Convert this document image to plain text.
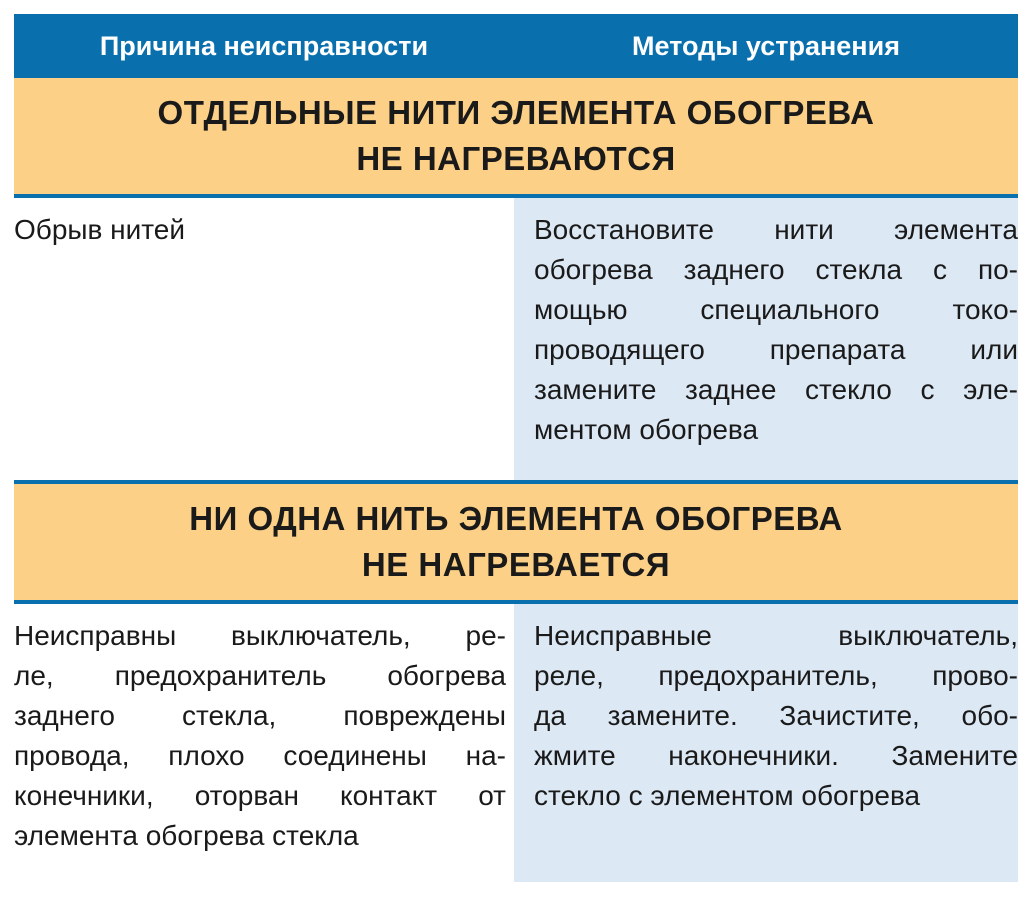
Причина неисправности	Методы устранения
ОТДЕЛЬНЫЕ НИТИ ЭЛЕМЕНТА ОБОГРЕВА
НЕ НАГРЕВАЮТСЯ
Обрыв нитей	Восстановите нити элемента
обогрева заднего стекла с по-
мощью специального токо-
проводящего препарата или
замените заднее стекло с эле-
ментом обогрева
НИ ОДНА НИТЬ ЭЛЕМЕНТА ОБОГРЕВА
НЕ НАГРЕВАЕТСЯ
Неисправны выключатель, ре-
ле, предохранитель обогрева
заднего стекла, повреждены
провода, плохо соединены на-
конечники, оторван контакт от
элемента обогрева стекла
Неисправные выключатель,
реле, предохранитель, прово-
да замените. Зачистите, обо-
жмите наконечники. Замените
стекло с элементом обогрева
